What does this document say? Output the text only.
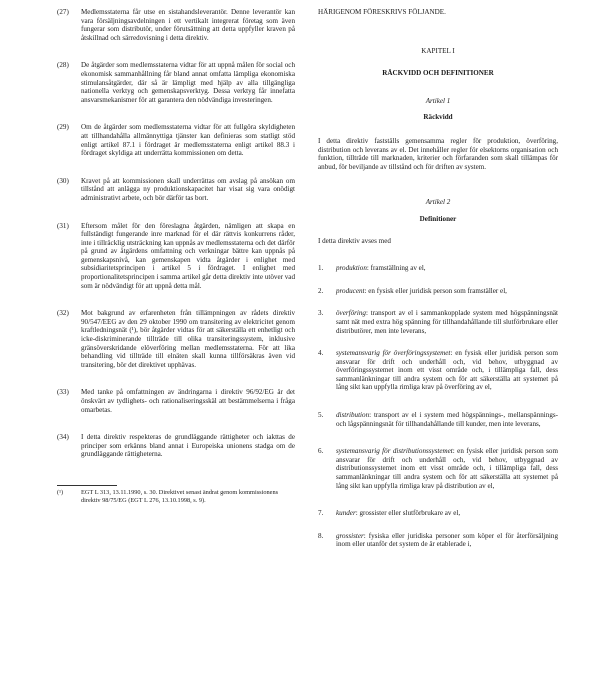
(27) Medlemsstaterna får utse en sistahandsleverantör. Denne leverantör kan vara försäljningsavdelningen i ett vertikalt integrerat företag som även fungerar som distributör, under förutsättning att detta uppfyller kraven på åtskillnad och särredovisning i detta direktiv.
(28) De åtgärder som medlemsstaterna vidtar för att uppnå målen för social och ekonomisk sammanhållning får bland annat omfatta lämpliga ekonomiska stimulansåtgärder, där så är lämpligt med hjälp av alla tillgängliga nationella verktyg och gemenskapsverktyg. Dessa verktyg får innefatta ansvarsmekanismer för att garantera den nödvändiga investeringen.
(29) Om de åtgärder som medlemsstaterna vidtar för att fullgöra skyldigheten att tillhandahålla allmännyttiga tjänster kan definieras som statligt stöd enligt artikel 87.1 i fördraget är medlemsstaterna enligt artikel 88.3 i fördraget skyldiga att underrätta kommissionen om detta.
(30) Kravet på att kommissionen skall underrättas om avslag på ansökan om tillstånd att anlägga ny produktionskapacitet har visat sig vara onödigt administrativt arbete, och bör därför tas bort.
(31) Eftersom målet för den föreslagna åtgärden, nämligen att skapa en fullständigt fungerande inre marknad för el där rättvis konkurrens råder, inte i tillräcklig utsträckning kan uppnås av medlemsstaterna och det därför på grund av åtgärdens omfattning och verkningar bättre kan uppnås på gemenskapsnivå, kan gemenskapen vidta åtgärder i enlighet med subsidiaritetsprincipen i artikel 5 i fördraget. I enlighet med proportionalitetsprincipen i samma artikel går detta direktiv inte utöver vad som är nödvändigt för att uppnå detta mål.
(32) Mot bakgrund av erfarenheten från tillämpningen av rådets direktiv 90/547/EEG av den 29 oktober 1990 om transitering av elektricitet genom kraftledningsnät (¹), bör åtgärder vidtas för att säkerställa ett enhetligt och icke-diskriminerande tillträde till olika transiteringssystem, inklusive gränsöverskridande elöverföring mellan medlemsstaterna. För att lika behandling vid tillträde till elnäten skall kunna tillförsäkras även vid transitering, bör det direktivet upphävas.
(33) Med tanke på omfattningen av ändringarna i direktiv 96/92/EG är det önskvärt av tydlighets- och rationaliseringsskäl att bestämmelserna i fråga omarbetas.
(34) I detta direktiv respekteras de grundläggande rättigheter och iakttas de principer som erkänns bland annat i Europeiska unionens stadga om de grundläggande rättigheterna.
(¹)	EGT L 313, 13.11.1990, s. 30. Direktivet senast ändrat genom kommissionens direktiv 98/75/EG (EGT L 276, 13.10.1998, s. 9).
HÄRIGENOM FÖRESKRIVS FÖLJANDE.
KAPITEL I
RÄCKVIDD OCH DEFINITIONER
Artikel 1
Räckvidd
I detta direktiv fastställs gemensamma regler för produktion, överföring, distribution och leverans av el. Det innehåller regler för elsektorns organisation och funktion, tillträde till marknaden, kriterier och förfaranden som skall tillämpas för anbud, för beviljande av tillstånd och för driften av system.
Artikel 2
Definitioner
I detta direktiv avses med
1. produktion: framställning av el,
2. producent: en fysisk eller juridisk person som framställer el,
3. överföring: transport av el i sammankopplade system med högspänningsnät samt nät med extra hög spänning för tillhandahållande till slutförbrukare eller distributörer, men inte leverans,
4. systemansvarig för överföringssystemet: en fysisk eller juridisk person som ansvarar för drift och underhåll och, vid behov, utbyggnad av överföringssystemet inom ett visst område och, i tillämpliga fall, dess sammanlänkningar till andra system och för att säkerställa att systemet på lång sikt kan uppfylla rimliga krav på överföring av el,
5. distribution: transport av el i system med högspännings-, mellanspännings- och lågspänningsnät för tillhandahållande till kunder, men inte leverans,
6. systemansvarig för distributionssystemet: en fysisk eller juridisk person som ansvarar för drift och underhåll och, vid behov, utbyggnad av distributionssystemet inom ett visst område och, i tillämpliga fall, dess sammanlänkningar till andra system och för att säkerställa att systemet på lång sikt kan uppfylla rimliga krav på distribution av el,
7. kunder: grossister eller slutförbrukare av el,
8. grossister: fysiska eller juridiska personer som köper el för återförsäljning inom eller utanför det system de är etablerade i,
